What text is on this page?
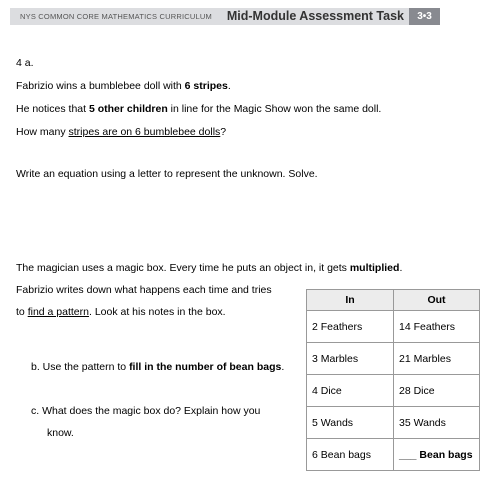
NYS COMMON CORE MATHEMATICS CURRICULUM Mid-Module Assessment Task	3•3
4 a.
Fabrizio wins a bumblebee doll with 6 stripes.
He notices that 5 other children in line for the Magic Show won the same doll.
How many stripes are on 6 bumblebee dolls?
Write an equation using a letter to represent the unknown. Solve.
The magician uses a magic box. Every time he puts an object in, it gets multiplied.
Fabrizio writes down what happens each time and tries
to find a pattern. Look at his notes in the box.
b. Use the pattern to fill in the number of bean bags.
c. What does the magic box do? Explain how you
know.
In	Out
2 Feathers	14 Feathers
3 Marbles	21 Marbles
4 Dice	28 Dice
5 Wands	35 Wands
6 Bean bags	___ Bean bags
